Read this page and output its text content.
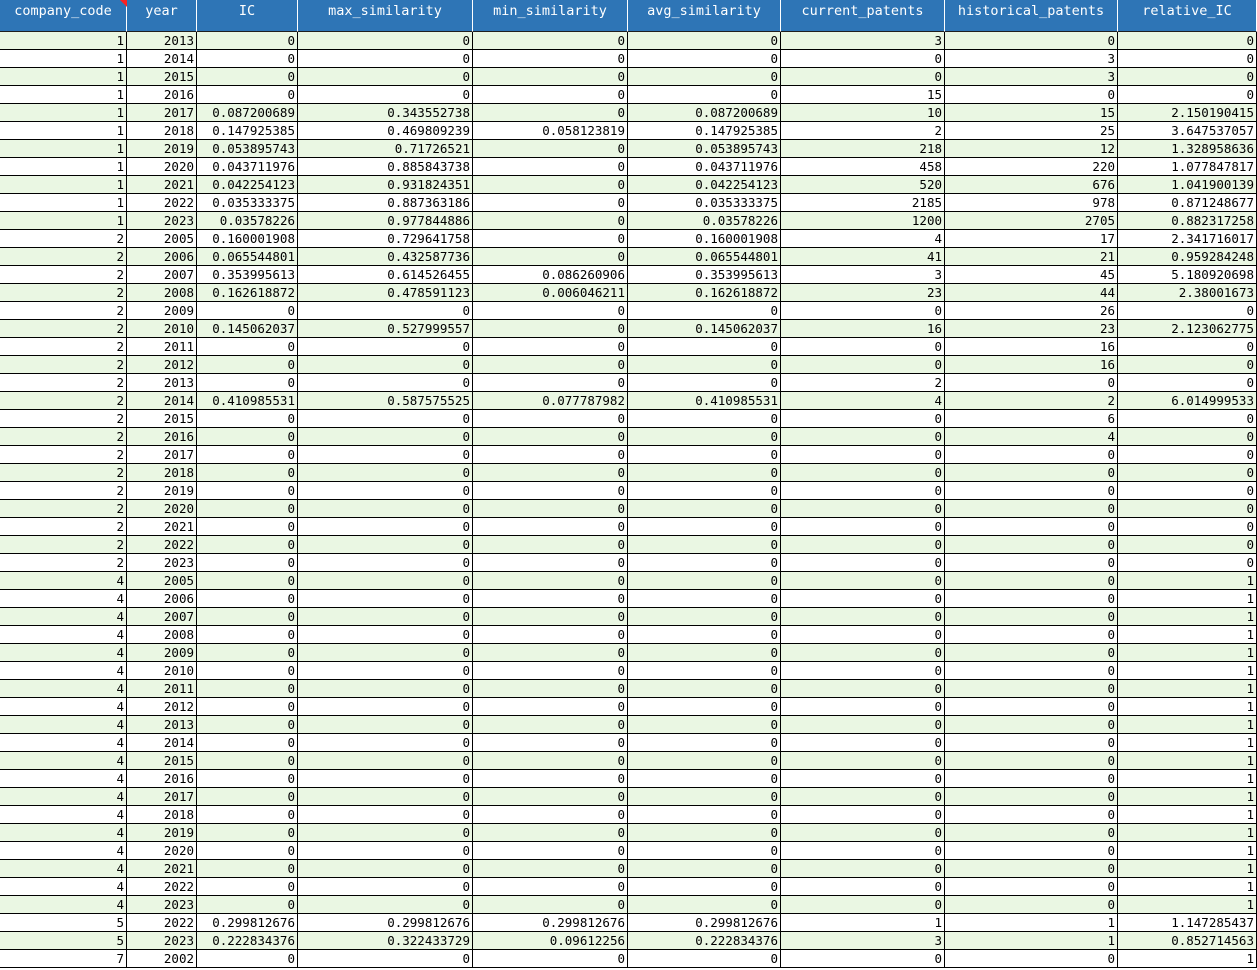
company_code	year	IC	max_similarity	min_similarity	avg_similarity	current_patents	historical_patents	relative_IC
1	2013	0	0	0	0	3	0	0
1	2014	0	0	0	0	0	3	0
1	2015	0	0	0	0	0	3	0
1	2016	0	0	0	0	15	0	0
1	2017	0.087200689	0.343552738	0	0.087200689	10	15	2.150190415
1	2018	0.147925385	0.469809239	0.058123819	0.147925385	2	25	3.647537057
1	2019	0.053895743	0.71726521	0	0.053895743	218	12	1.328958636
1	2020	0.043711976	0.885843738	0	0.043711976	458	220	1.077847817
1	2021	0.042254123	0.931824351	0	0.042254123	520	676	1.041900139
1	2022	0.035333375	0.887363186	0	0.035333375	2185	978	0.871248677
1	2023	0.03578226	0.977844886	0	0.03578226	1200	2705	0.882317258
2	2005	0.160001908	0.729641758	0	0.160001908	4	17	2.341716017
2	2006	0.065544801	0.432587736	0	0.065544801	41	21	0.959284248
2	2007	0.353995613	0.614526455	0.086260906	0.353995613	3	45	5.180920698
2	2008	0.162618872	0.478591123	0.006046211	0.162618872	23	44	2.38001673
2	2009	0	0	0	0	0	26	0
2	2010	0.145062037	0.527999557	0	0.145062037	16	23	2.123062775
2	2011	0	0	0	0	0	16	0
2	2012	0	0	0	0	0	16	0
2	2013	0	0	0	0	2	0	0
2	2014	0.410985531	0.587575525	0.077787982	0.410985531	4	2	6.014999533
2	2015	0	0	0	0	0	6	0
2	2016	0	0	0	0	0	4	0
2	2017	0	0	0	0	0	0	0
2	2018	0	0	0	0	0	0	0
2	2019	0	0	0	0	0	0	0
2	2020	0	0	0	0	0	0	0
2	2021	0	0	0	0	0	0	0
2	2022	0	0	0	0	0	0	0
2	2023	0	0	0	0	0	0	0
4	2005	0	0	0	0	0	0	1
4	2006	0	0	0	0	0	0	1
4	2007	0	0	0	0	0	0	1
4	2008	0	0	0	0	0	0	1
4	2009	0	0	0	0	0	0	1
4	2010	0	0	0	0	0	0	1
4	2011	0	0	0	0	0	0	1
4	2012	0	0	0	0	0	0	1
4	2013	0	0	0	0	0	0	1
4	2014	0	0	0	0	0	0	1
4	2015	0	0	0	0	0	0	1
4	2016	0	0	0	0	0	0	1
4	2017	0	0	0	0	0	0	1
4	2018	0	0	0	0	0	0	1
4	2019	0	0	0	0	0	0	1
4	2020	0	0	0	0	0	0	1
4	2021	0	0	0	0	0	0	1
4	2022	0	0	0	0	0	0	1
4	2023	0	0	0	0	0	0	1
5	2022	0.299812676	0.299812676	0.299812676	0.299812676	1	1	1.147285437
5	2023	0.222834376	0.322433729	0.09612256	0.222834376	3	1	0.852714563
7	2002	0	0	0	0	0	0	1
